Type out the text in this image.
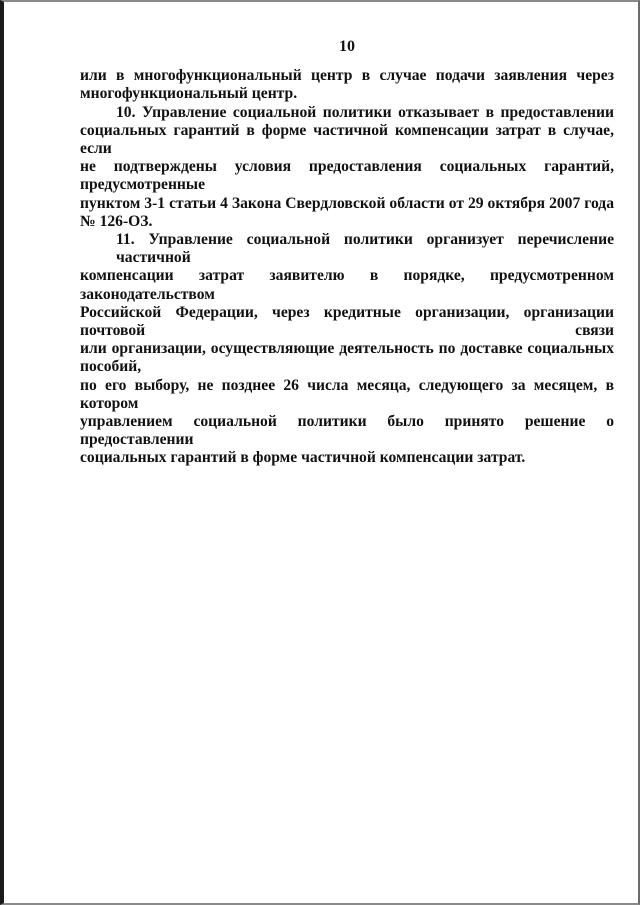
10

или в многофункциональный центр в случае подачи заявления через
многофункциональный центр.

10. Управление социальной политики отказывает в предоставлении
социальных гарантий в форме частичной компенсации затрат в случае, если
не подтверждены условия предоставления социальных гарантий, предусмотренные
пунктом 3-1 статьи 4 Закона Свердловской области от 29 октября 2007 года
№ 126-ОЗ.

11. Управление социальной политики организует перечисление частичной
компенсации затрат заявителю в порядке, предусмотренном законодательством
Российской Федерации, через кредитные организации, организации почтовой связи
или организации, осуществляющие деятельность по доставке социальных пособий,
по его выбору, не позднее 26 числа месяца, следующего за месяцем, в котором
управлением социальной политики было принято решение о предоставлении
социальных гарантий в форме частичной компенсации затрат.
